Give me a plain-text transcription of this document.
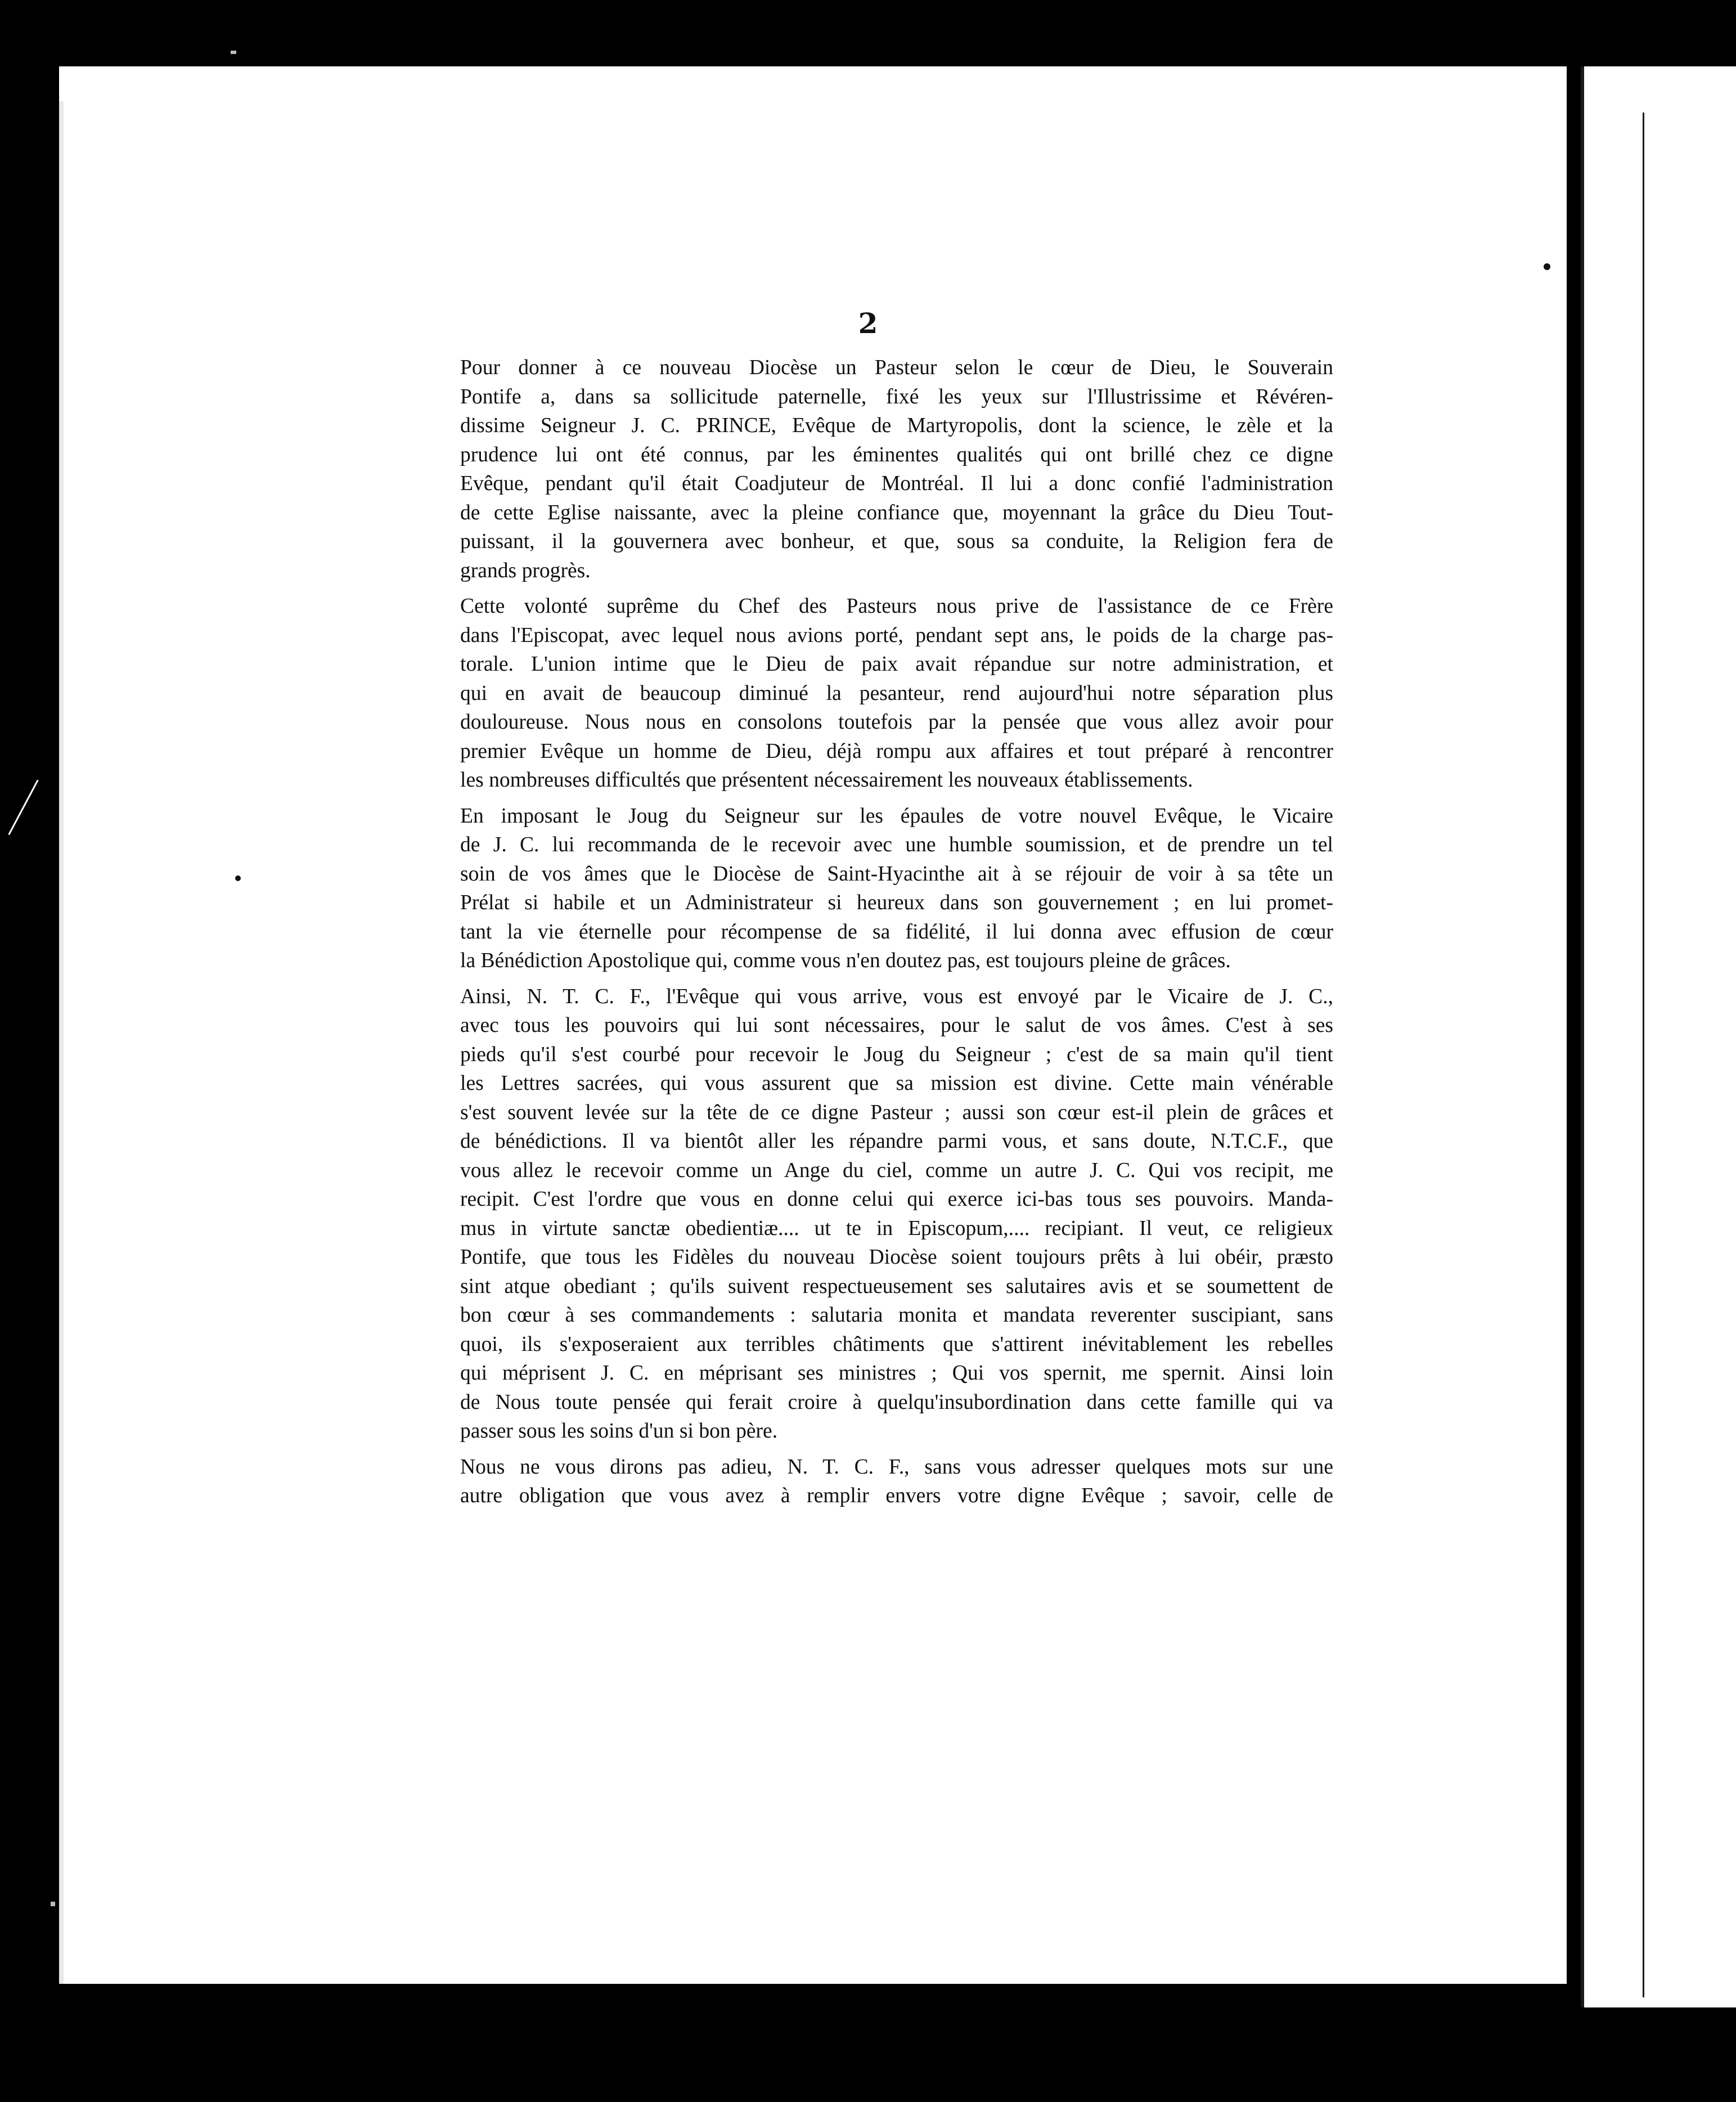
2

Pour donner à ce nouveau Diocèse un Pasteur selon le cœur de Dieu, le Souverain
Pontife a, dans sa sollicitude paternelle, fixé les yeux sur l'Illustrissime et Révéren-
dissime Seigneur J. C. PRINCE, Evêque de Martyropolis, dont la science, le zèle et la
prudence lui ont été connus, par les éminentes qualités qui ont brillé chez ce digne
Evêque, pendant qu'il était Coadjuteur de Montréal. Il lui a donc confié l'administration
de cette Eglise naissante, avec la pleine confiance que, moyennant la grâce du Dieu Tout-
puissant, il la gouvernera avec bonheur, et que, sous sa conduite, la Religion fera de
grands progrès.

Cette volonté suprême du Chef des Pasteurs nous prive de l'assistance de ce Frère
dans l'Episcopat, avec lequel nous avions porté, pendant sept ans, le poids de la charge pas-
torale. L'union intime que le Dieu de paix avait répandue sur notre administration, et
qui en avait de beaucoup diminué la pesanteur, rend aujourd'hui notre séparation plus
douloureuse. Nous nous en consolons toutefois par la pensée que vous allez avoir pour
premier Evêque un homme de Dieu, déjà rompu aux affaires et tout préparé à rencontrer
les nombreuses difficultés que présentent nécessairement les nouveaux établissements.

En imposant le Joug du Seigneur sur les épaules de votre nouvel Evêque, le Vicaire
de J. C. lui recommanda de le recevoir avec une humble soumission, et de prendre un tel
soin de vos âmes que le Diocèse de Saint-Hyacinthe ait à se réjouir de voir à sa tête un
Prélat si habile et un Administrateur si heureux dans son gouvernement ; en lui promet-
tant la vie éternelle pour récompense de sa fidélité, il lui donna avec effusion de cœur
la Bénédiction Apostolique qui, comme vous n'en doutez pas, est toujours pleine de grâces.

Ainsi, N. T. C. F., l'Evêque qui vous arrive, vous est envoyé par le Vicaire de J. C.,
avec tous les pouvoirs qui lui sont nécessaires, pour le salut de vos âmes. C'est à ses
pieds qu'il s'est courbé pour recevoir le Joug du Seigneur ; c'est de sa main qu'il tient
les Lettres sacrées, qui vous assurent que sa mission est divine. Cette main vénérable
s'est souvent levée sur la tête de ce digne Pasteur ; aussi son cœur est-il plein de grâces et
de bénédictions. Il va bientôt aller les répandre parmi vous, et sans doute, N.T.C.F., que
vous allez le recevoir comme un Ange du ciel, comme un autre J. C. Qui vos recipit, me
recipit. C'est l'ordre que vous en donne celui qui exerce ici-bas tous ses pouvoirs. Manda-
mus in virtute sanctæ obedientiæ.... ut te in Episcopum,.... recipiant. Il veut, ce religieux
Pontife, que tous les Fidèles du nouveau Diocèse soient toujours prêts à lui obéir, præsto
sint atque obediant ; qu'ils suivent respectueusement ses salutaires avis et se soumettent de
bon cœur à ses commandements : salutaria monita et mandata reverenter suscipiant, sans
quoi, ils s'exposeraient aux terribles châtiments que s'attirent inévitablement les rebelles
qui méprisent J. C. en méprisant ses ministres ; Qui vos spernit, me spernit. Ainsi loin
de Nous toute pensée qui ferait croire à quelqu'insubordination dans cette famille qui va
passer sous les soins d'un si bon père.

Nous ne vous dirons pas adieu, N. T. C. F., sans vous adresser quelques mots sur une
autre obligation que vous avez à remplir envers votre digne Evêque ; savoir, celle de
